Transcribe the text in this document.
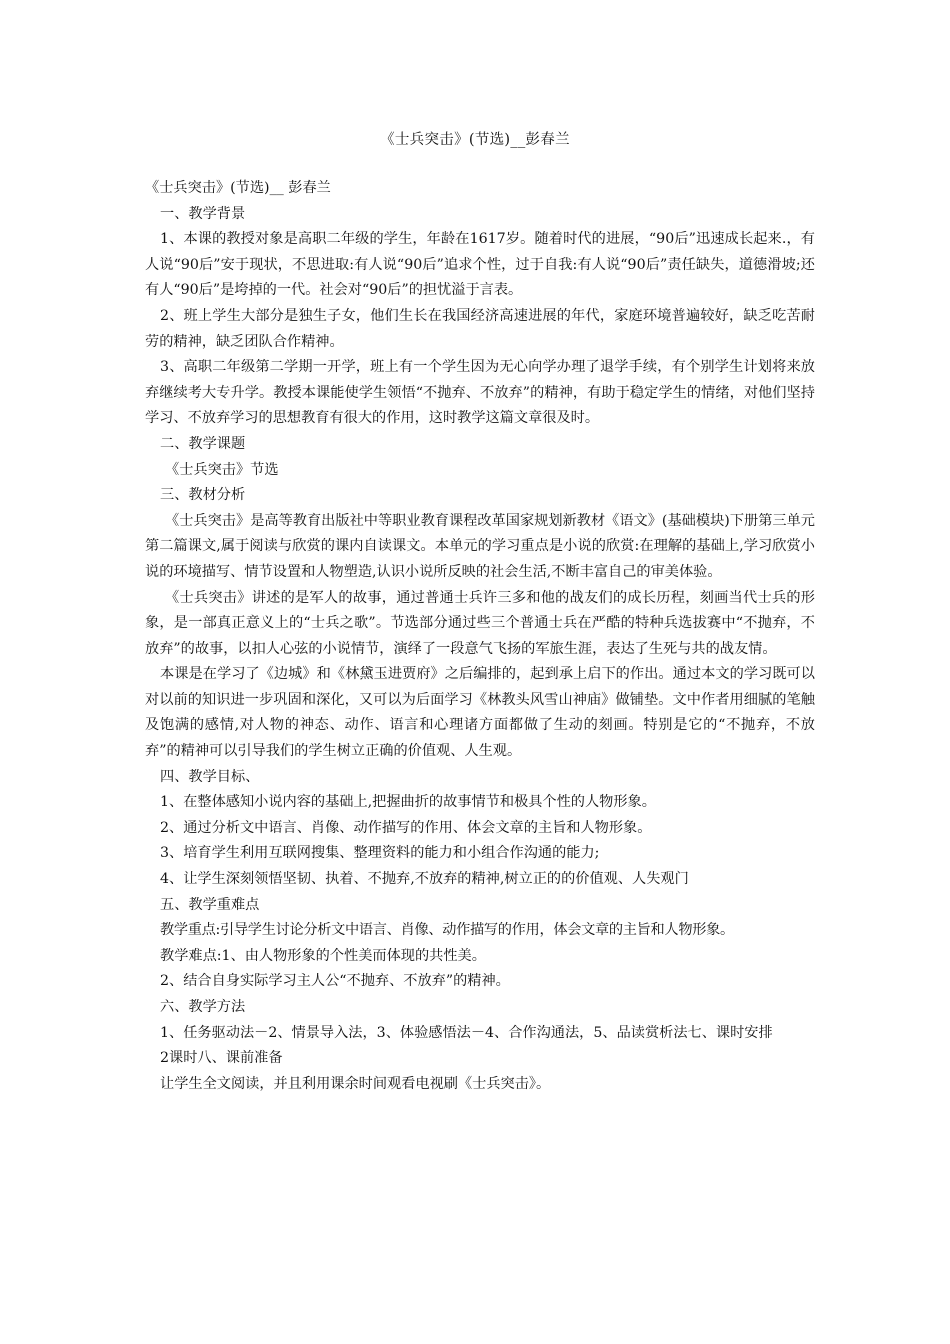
《士兵突击》(节选)__彭春兰

《士兵突击》(节选)__ 彭春兰

一、教学背景

1、本课的教授对象是高职二年级的学生，年龄在1617岁。随着时代的进展，“90后”迅速成长起来.，有人说“90后”安于现状，不思进取:有人说“90后”追求个性，过于自我:有人说“90后”责任缺失，道德滑坡;还有人“90后”是垮掉的一代。社会对“90后”的担忧溢于言表。

2、班上学生大部分是独生子女，他们生长在我国经济高速进展的年代，家庭环境普遍较好，缺乏吃苦耐劳的精神，缺乏团队合作精神。

3、高职二年级第二学期一开学，班上有一个学生因为无心向学办理了退学手续，有个别学生计划将来放弃继续考大专升学。教授本课能使学生领悟“不抛弃、不放弃”的精神，有助于稳定学生的情绪，对他们坚持学习、不放弃学习的思想教育有很大的作用，这时教学这篇文章很及时。

二、教学课题

《士兵突击》节选

三、教材分析

《士兵突击》是高等教育出版社中等职业教育课程改革国家规划新教材《语文》(基础模块)下册第三单元第二篇课文,属于阅读与欣赏的课内自读课文。本单元的学习重点是小说的欣赏:在理解的基础上,学习欣赏小说的环境描写、情节设置和人物塑造,认识小说所反映的社会生活,不断丰富自己的审美体验。

《士兵突击》讲述的是军人的故事，通过普通士兵许三多和他的战友们的成长历程，刻画当代士兵的形象，是一部真正意义上的“士兵之歌”。节选部分通过些三个普通士兵在严酷的特种兵选拔赛中“不抛弃，不放弃”的故事，以扣人心弦的小说情节，演绎了一段意气飞扬的军旅生涯，表达了生死与共的战友情。

本课是在学习了《边城》和《林黛玉进贾府》之后编排的，起到承上启下的作出。通过本文的学习既可以对以前的知识进一步巩固和深化，又可以为后面学习《林教头风雪山神庙》做铺垫。文中作者用细腻的笔触及饱满的感情,对人物的神态、动作、语言和心理诸方面都做了生动的刻画。特别是它的“不抛弃，不放弃”的精神可以引导我们的学生树立正确的价值观、人生观。

四、教学目标、

1、在整体感知小说内容的基础上,把握曲折的故事情节和极具个性的人物形象。

2、通过分析文中语言、肖像、动作描写的作用、体会文章的主旨和人物形象。

3、培育学生利用互联网搜集、整理资料的能力和小组合作沟通的能力;

4、让学生深刻领悟坚韧、执着、不抛弃,不放弃的精神,树立正的的价值观、人失观门

五、教学重难点

教学重点:引导学生讨论分析文中语言、肖像、动作描写的作用，体会文章的主旨和人物形象。

教学难点:1、由人物形象的个性美而体现的共性美。

2、结合自身实际学习主人公“不抛弃、不放弃”的精神。

六、教学方法

1、任务驱动法－2、情景导入法，3、体验感悟法－4、合作沟通法，5、品读赏析法七、课时安排

2课时八、课前准备

让学生全文阅读，并且利用课余时间观看电视刷《士兵突击》。
